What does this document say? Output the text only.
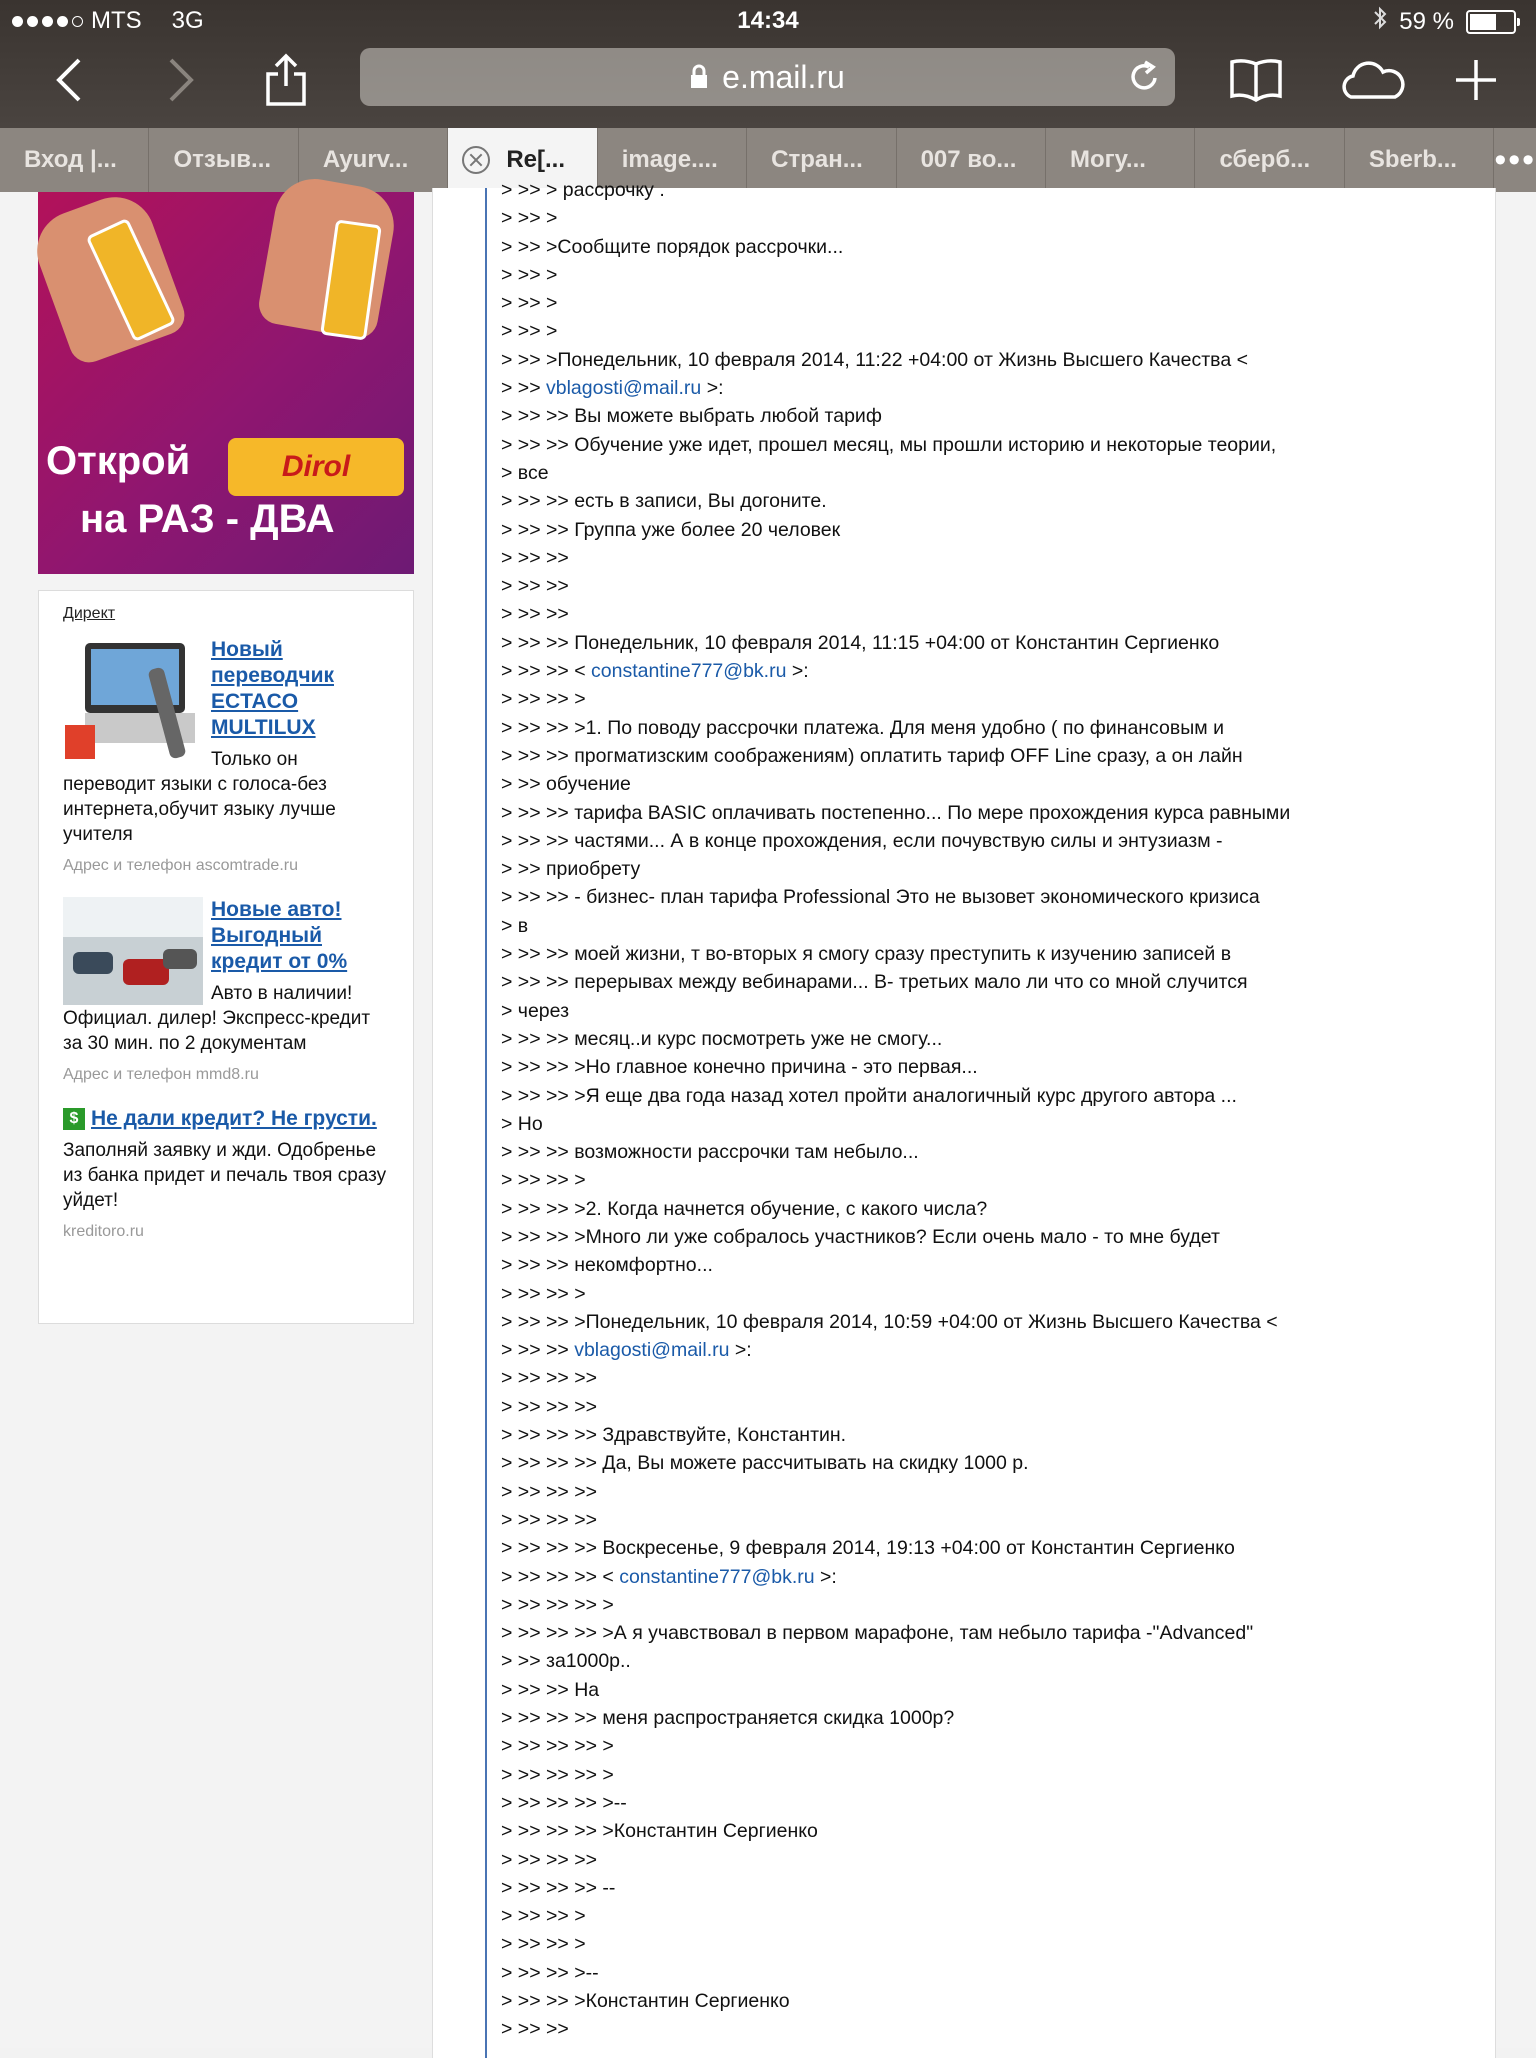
MTS 3G	14:34	59 %
e.mail.ru
Вход |... Отзыв... Ayurv...	Re[... image.... Стран... 007 во... Могу...	сберб... Sberb... •••
Открой
на РАЗ - ДВА
Dirol
Директ
Новый переводчик ECTACO MULTILUX
Только он переводит языки с голоса-без интернета,обучит языку лучше учителя
Адрес и телефон ascomtrade.ru
Новые авто! Выгодный кредит от 0%
Авто в наличии! Официал. дилер! Экспресс-кредит за 30 мин. по 2 документам
Адрес и телефон mmd8.ru
$ Не дали кредит? Не грусти.
Заполняй заявку и жди. Одобренье из банка придет и печаль твоя сразу уйдет!
kreditoro.ru
> >> > рассрочку .
> >> >
> >> >Сообщите порядок рассрочки...
> >> >
> >> >
> >> >
> >> >Понедельник, 10 февраля 2014, 11:22 +04:00 от Жизнь Высшего Качества <
> >> vblagosti@mail.ru >:
> >> >> Вы можете выбрать любой тариф
> >> >> Обучение уже идет, прошел месяц, мы прошли историю и некоторые теории,
> все
> >> >> есть в записи, Вы догоните.
> >> >> Группа уже более 20 человек
> >> >>
> >> >>
> >> >>
> >> >> Понедельник, 10 февраля 2014, 11:15 +04:00 от Константин Сергиенко
> >> >> < constantine777@bk.ru >:
> >> >> >
> >> >> >1. По поводу рассрочки платежа. Для меня удобно ( по финансовым и
> >> >> прогматизским соображениям) оплатить тариф OFF Line сразу, а он лайн
> >> обучение
> >> >> тарифа BASIC оплачивать постепенно... По мере прохождения курса равными
> >> >> частями... А в конце прохождения, если почувствую силы и энтузиазм -
> >> приобрету
> >> >> - бизнес- план тарифа Professional Это не вызовет экономического кризиса
> в
> >> >> моей жизни, т во-вторых я смогу сразу преступить к изучению записей в
> >> >> перерывах между вебинарами... В- третьих мало ли что со мной случится
> через
> >> >> месяц..и курс посмотреть уже не смогу...
> >> >> >Но главное конечно причина - это первая...
> >> >> >Я еще два года назад хотел пройти аналогичный курс другого автора ...
> Но
> >> >> возможности рассрочки там небыло...
> >> >> >
> >> >> >2. Когда начнется обучение, с какого числа?
> >> >> >Много ли уже собралось участников? Если очень мало - то мне будет
> >> >> некомфортно...
> >> >> >
> >> >> >Понедельник, 10 февраля 2014, 10:59 +04:00 от Жизнь Высшего Качества <
> >> >> vblagosti@mail.ru >:
> >> >> >>
> >> >> >>
> >> >> >> Здравствуйте, Константин.
> >> >> >> Да, Вы можете рассчитывать на скидку 1000 р.
> >> >> >>
> >> >> >>
> >> >> >> Воскресенье, 9 февраля 2014, 19:13 +04:00 от Константин Сергиенко
> >> >> >> < constantine777@bk.ru >:
> >> >> >> >
> >> >> >> >А я учавствовал в первом марафоне, там небыло тарифа -"Advanced"
> >> за1000р..
> >> >> На
> >> >> >> меня распространяется скидка 1000р?
> >> >> >> >
> >> >> >> >
> >> >> >> >--
> >> >> >> >Константин Сергиенко
> >> >> >>
> >> >> >> --
> >> >> >
> >> >> >
> >> >> >--
> >> >> >Константин Сергиенко
> >> >>
